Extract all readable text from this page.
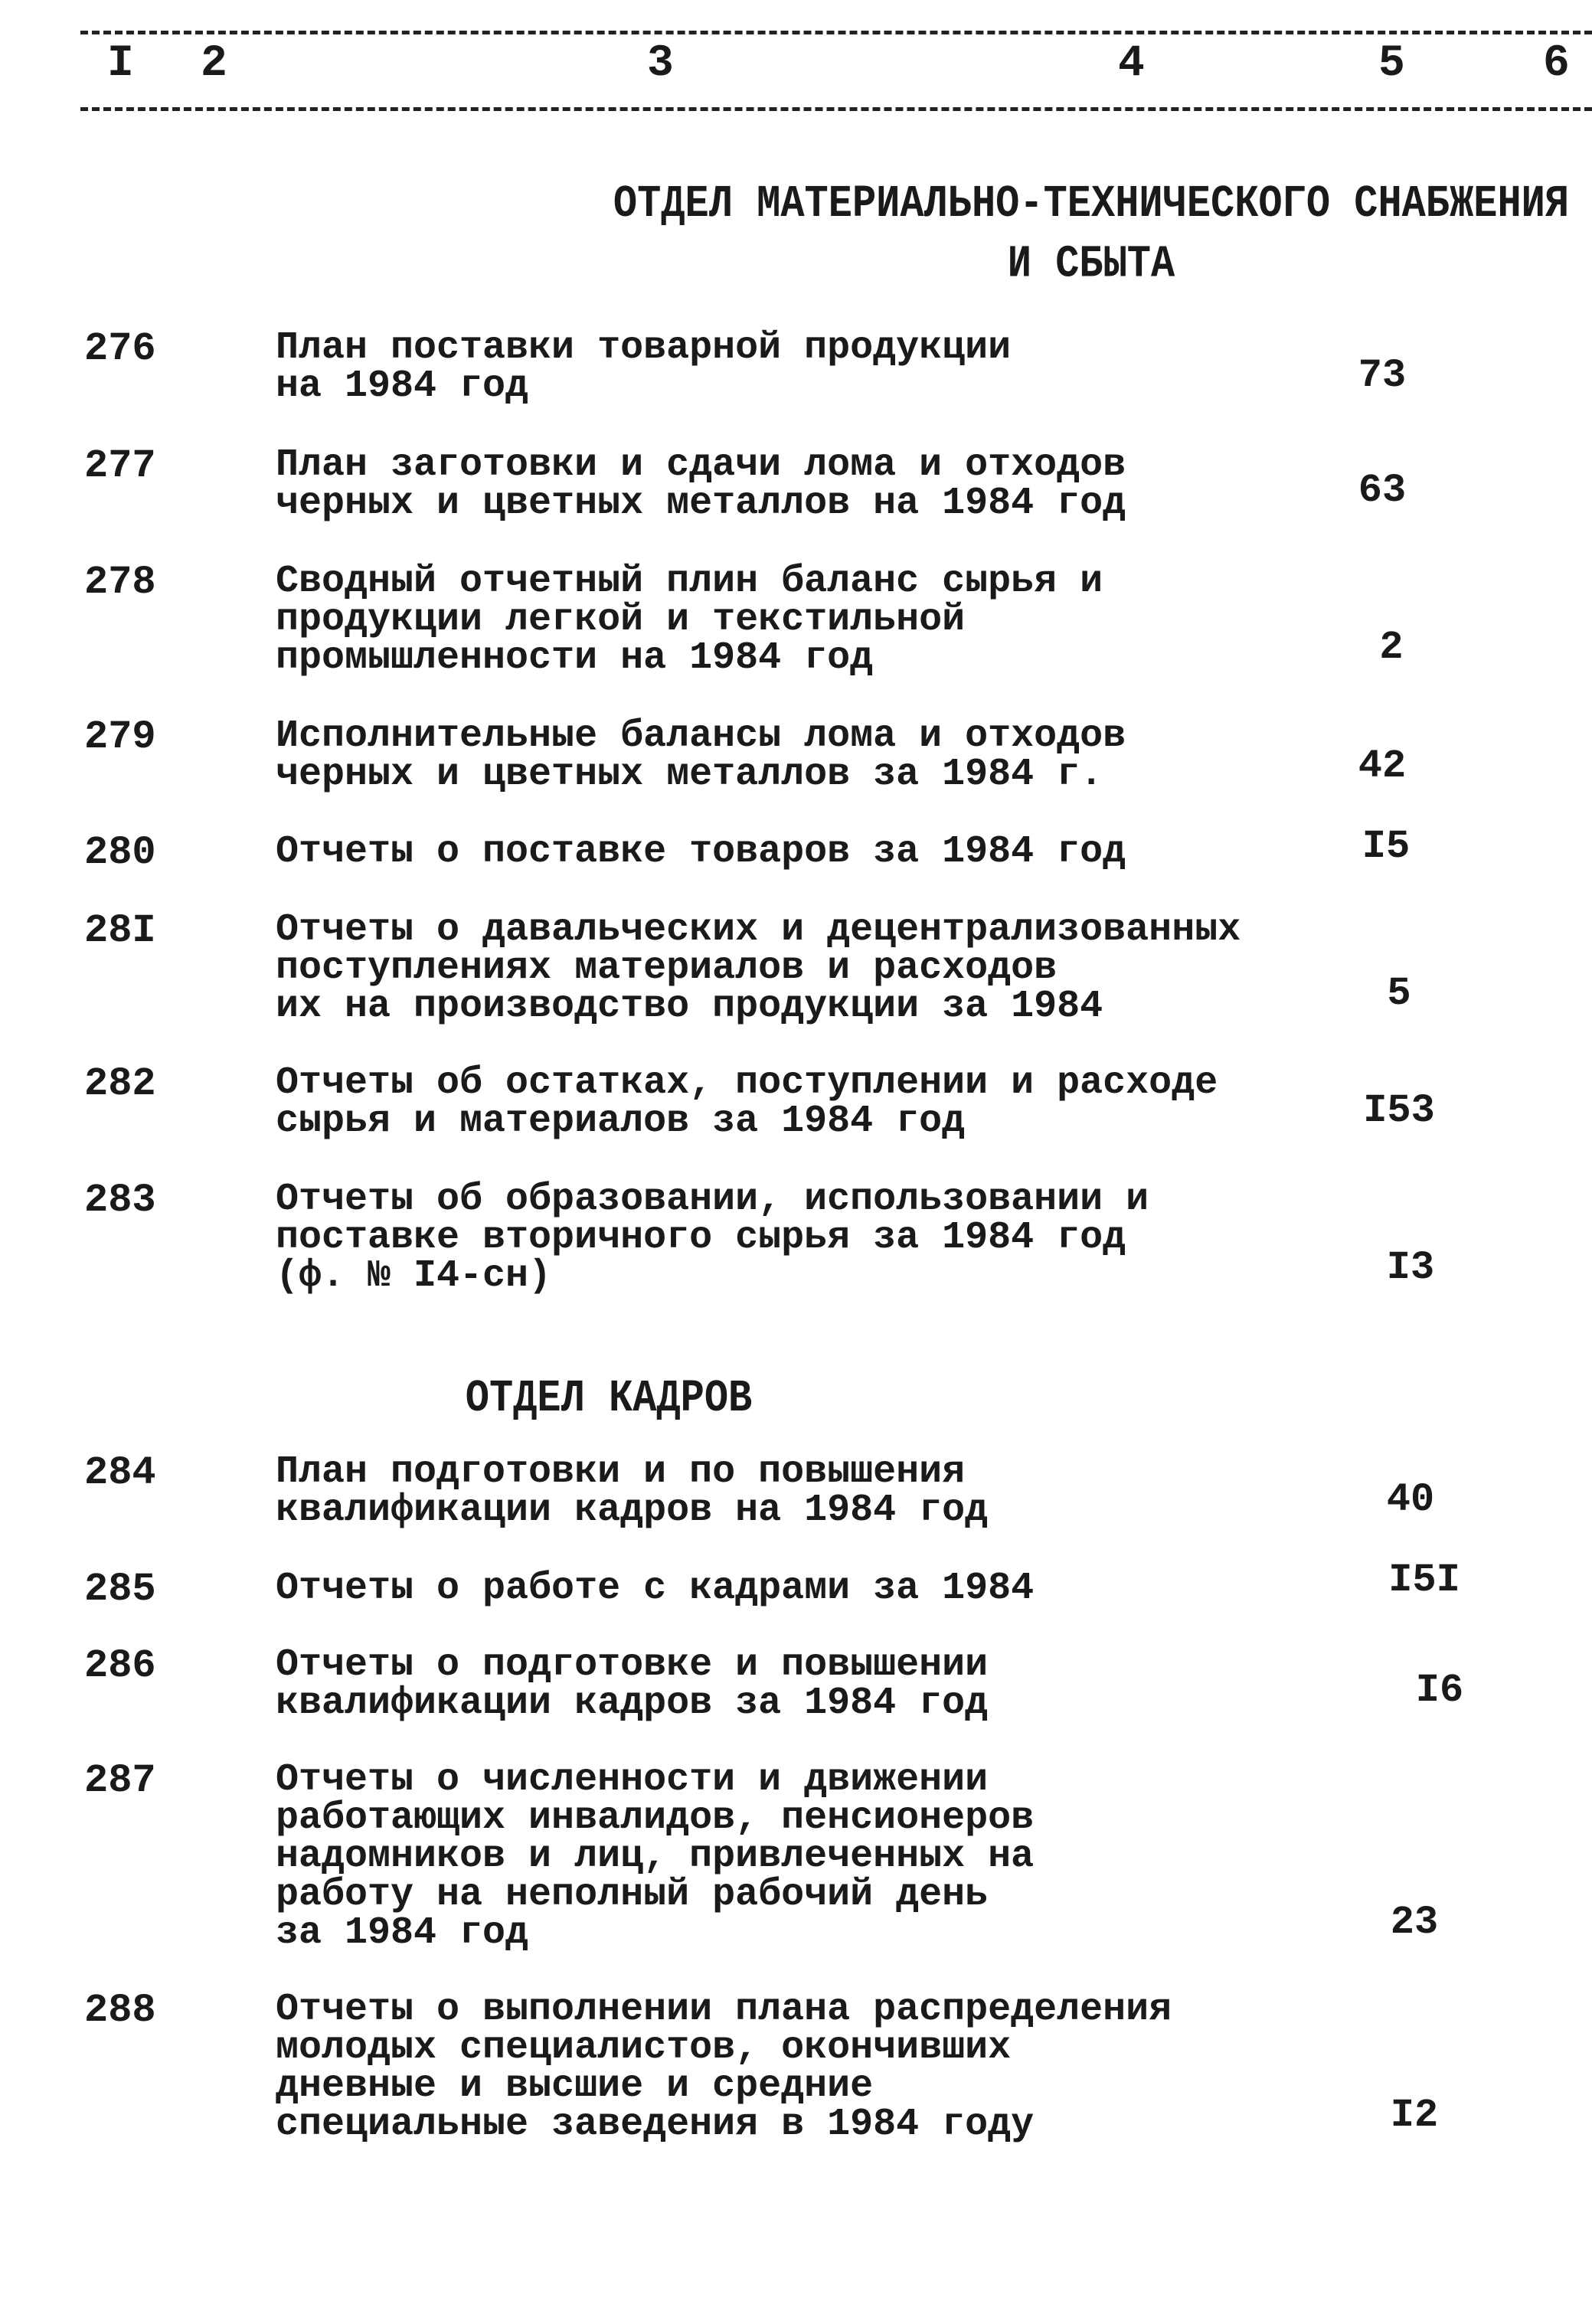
I 2	3	4	5	6
ОТДЕЛ МАТЕРИАЛЬНО-ТЕХНИЧЕСКОГО СНАБЖЕНИЯ
И СБЫТА
276	План поставки товарной продукции
на 1984 год	73
277	План заготовки и сдачи лома и отходов
черных и цветных металлов на 1984 год	63
278	Сводный отчетный плин баланс сырья и
продукции легкой и текстильной
промышленности на 1984 год	2
279	Исполнительные балансы лома и отходов
черных и цветных металлов за 1984 г.	42
280	Отчеты о поставке товаров за 1984 год	I5
28I	Отчеты о давальческих и децентрализованных
поступлениях материалов и расходов
их на производство продукции за 1984	5
282	Отчеты об остатках, поступлении и расходе
сырья и материалов за 1984 год	I53
283	Отчеты об образовании, использовании и
поставке вторичного сырья за 1984 год
(ф. № I4-сн)	I3
ОТДЕЛ КАДРОВ
284	План подготовки и по повышения
квалификации кадров на 1984 год	40
285	Отчеты о работе с кадрами за 1984	I5I
286	Отчеты о подготовке и повышении
квалификации кадров за 1984 год	I6
287	Отчеты о численности и движении
работающих инвалидов, пенсионеров
надомников и лиц, привлеченных на
работу на неполный рабочий день
за 1984 год	23
288	Отчеты о выполнении плана распределения
молодых специалистов, окончивших
дневные и высшие и средние
специальные заведения в 1984 году	I2
